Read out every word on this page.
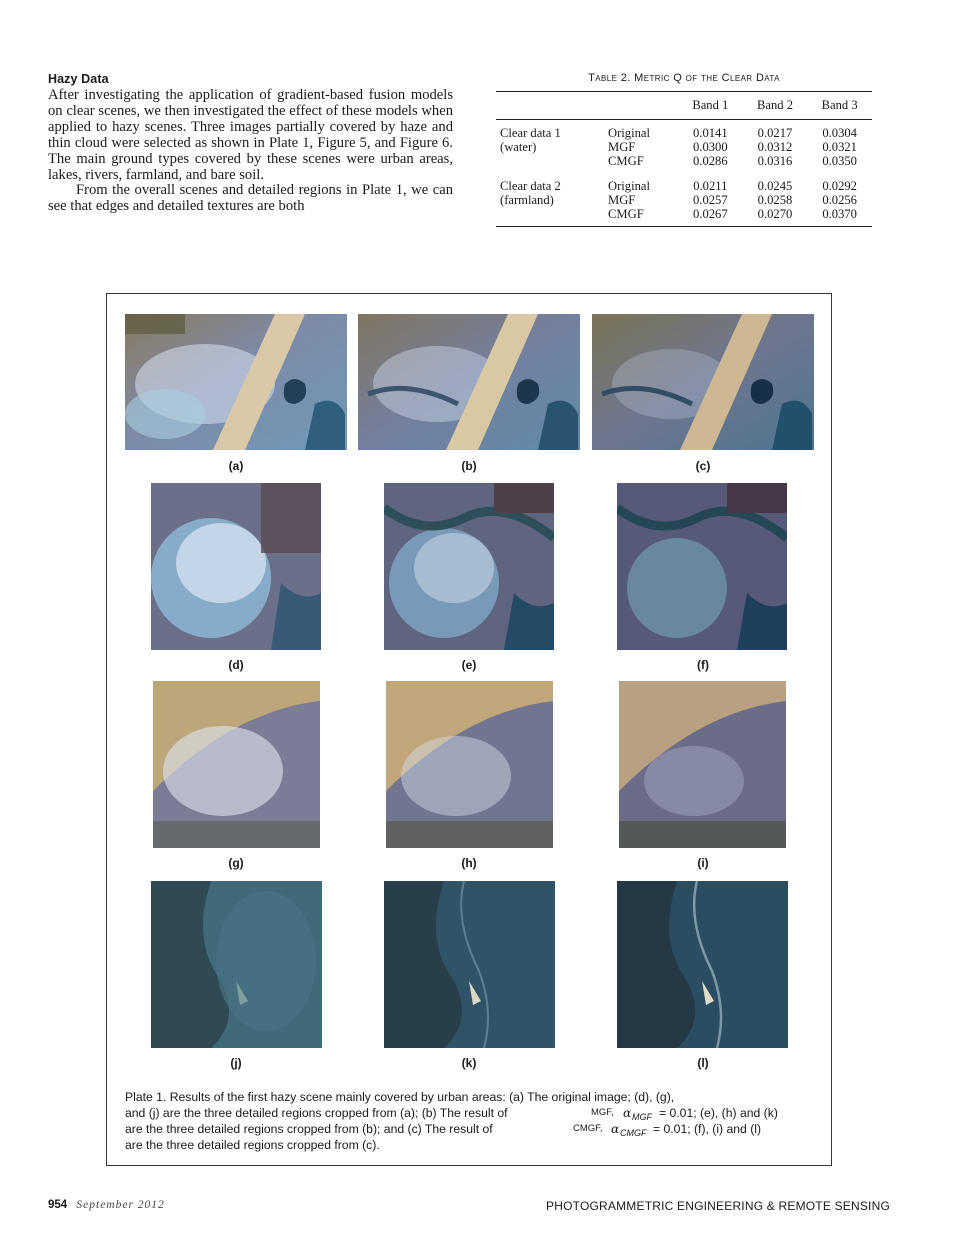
Hazy Data

After investigating the application of gradient-based fusion models on clear scenes, we then investigated the effect of these models when applied to hazy scenes. Three images partially covered by haze and thin cloud were selected as shown in Plate 1, Figure 5, and Figure 6. The main ground types covered by these scenes were urban areas, lakes, rivers, farmland, and bare soil.

From the overall scenes and detailed regions in Plate 1, we can see that edges and detailed textures are both

Table 2. Metric Q of the Clear Data
		Band 1	Band 2	Band 3
Clear data 1	Original	0.0141	0.0217	0.0304
(water)	MGF	0.0300	0.0312	0.0321
	CMGF	0.0286	0.0316	0.0350
Clear data 2	Original	0.0211	0.0245	0.0292
(farmland)	MGF	0.0257	0.0258	0.0256
	CMGF	0.0267	0.0270	0.0370
(a)	(b)	(c)
(d)	(e)	(f)
(g)	(h)	(i)
(j)	(k)	(l)
Plate 1. Results of the first hazy scene mainly covered by urban areas: (a) The original image; (d), (g),
and (j) are the three detailed regions cropped from (a); (b) The result of	MGF, α MGF = 0.01; (e), (h) and (k)
are the three detailed regions cropped from (b); and (c) The result of	CMGF, α CMGF = 0.01; (f), (i) and (l)
are the three detailed regions cropped from (c).
954 September 2012	PHOTOGRAMMETRIC ENGINEERING & REMOTE SENSING
